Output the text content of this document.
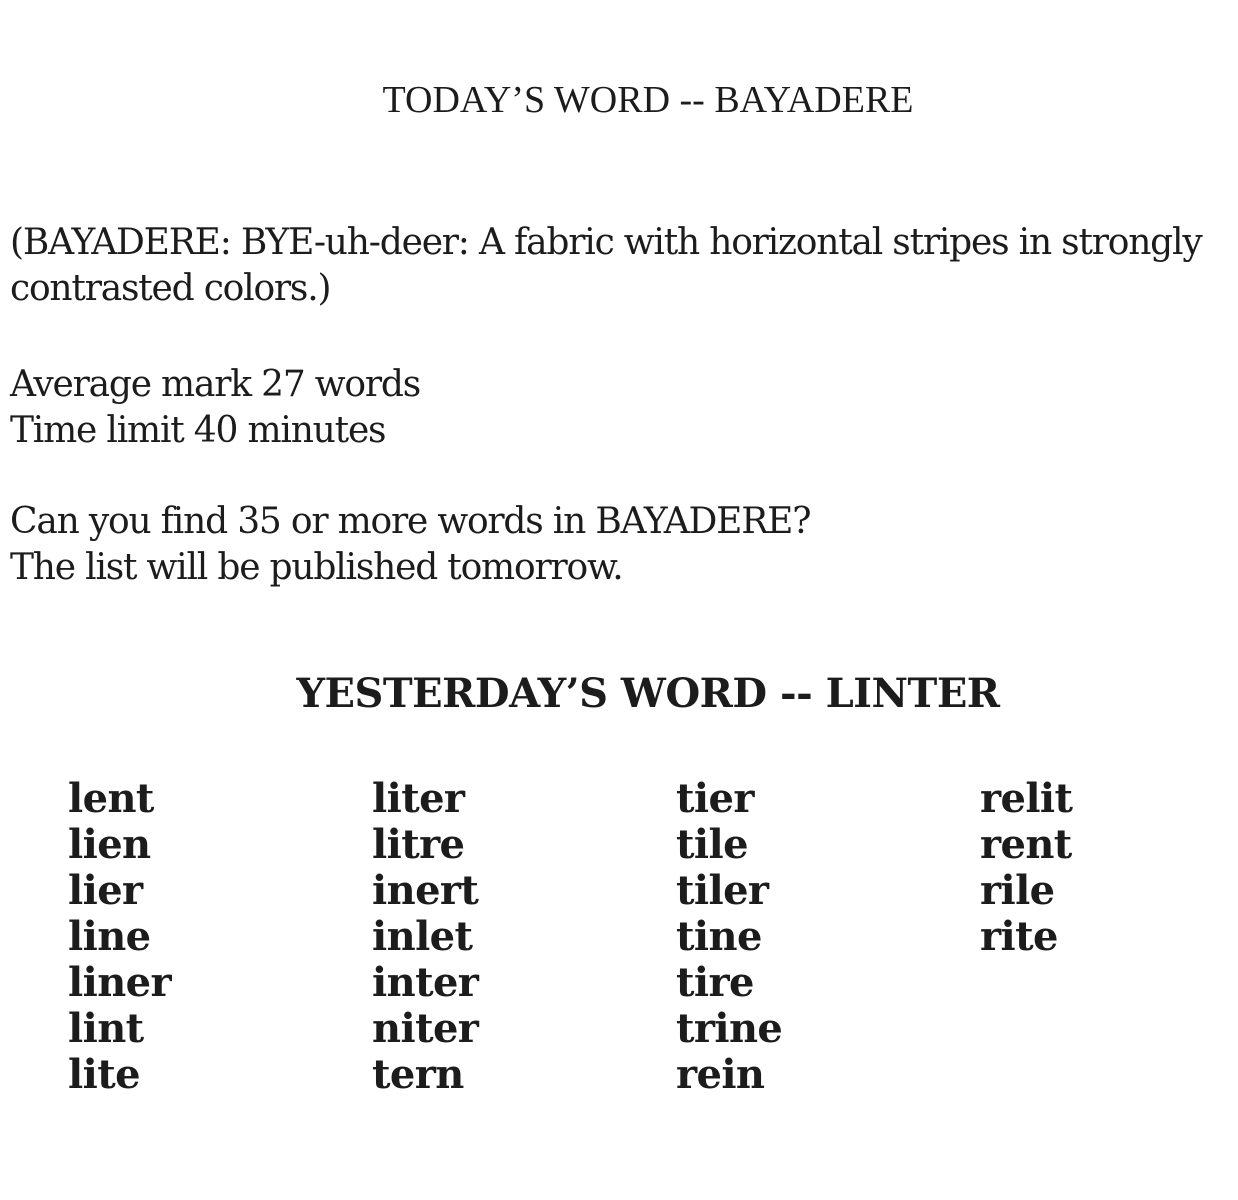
TODAY’S WORD -- BAYADERE
(BAYADERE: BYE-uh-deer: A fabric with horizontal stripes in strongly
contrasted colors.)
Average mark 27 words
Time limit 40 minutes
Can you find 35 or more words in BAYADERE?
The list will be published tomorrow.
YESTERDAY’S WORD -- LINTER
lent
lien
lier
line
liner
lint
lite
liter
litre
inert
inlet
inter
niter
tern
tier
tile
tiler
tine
tire
trine
rein
relit
rent
rile
rite
